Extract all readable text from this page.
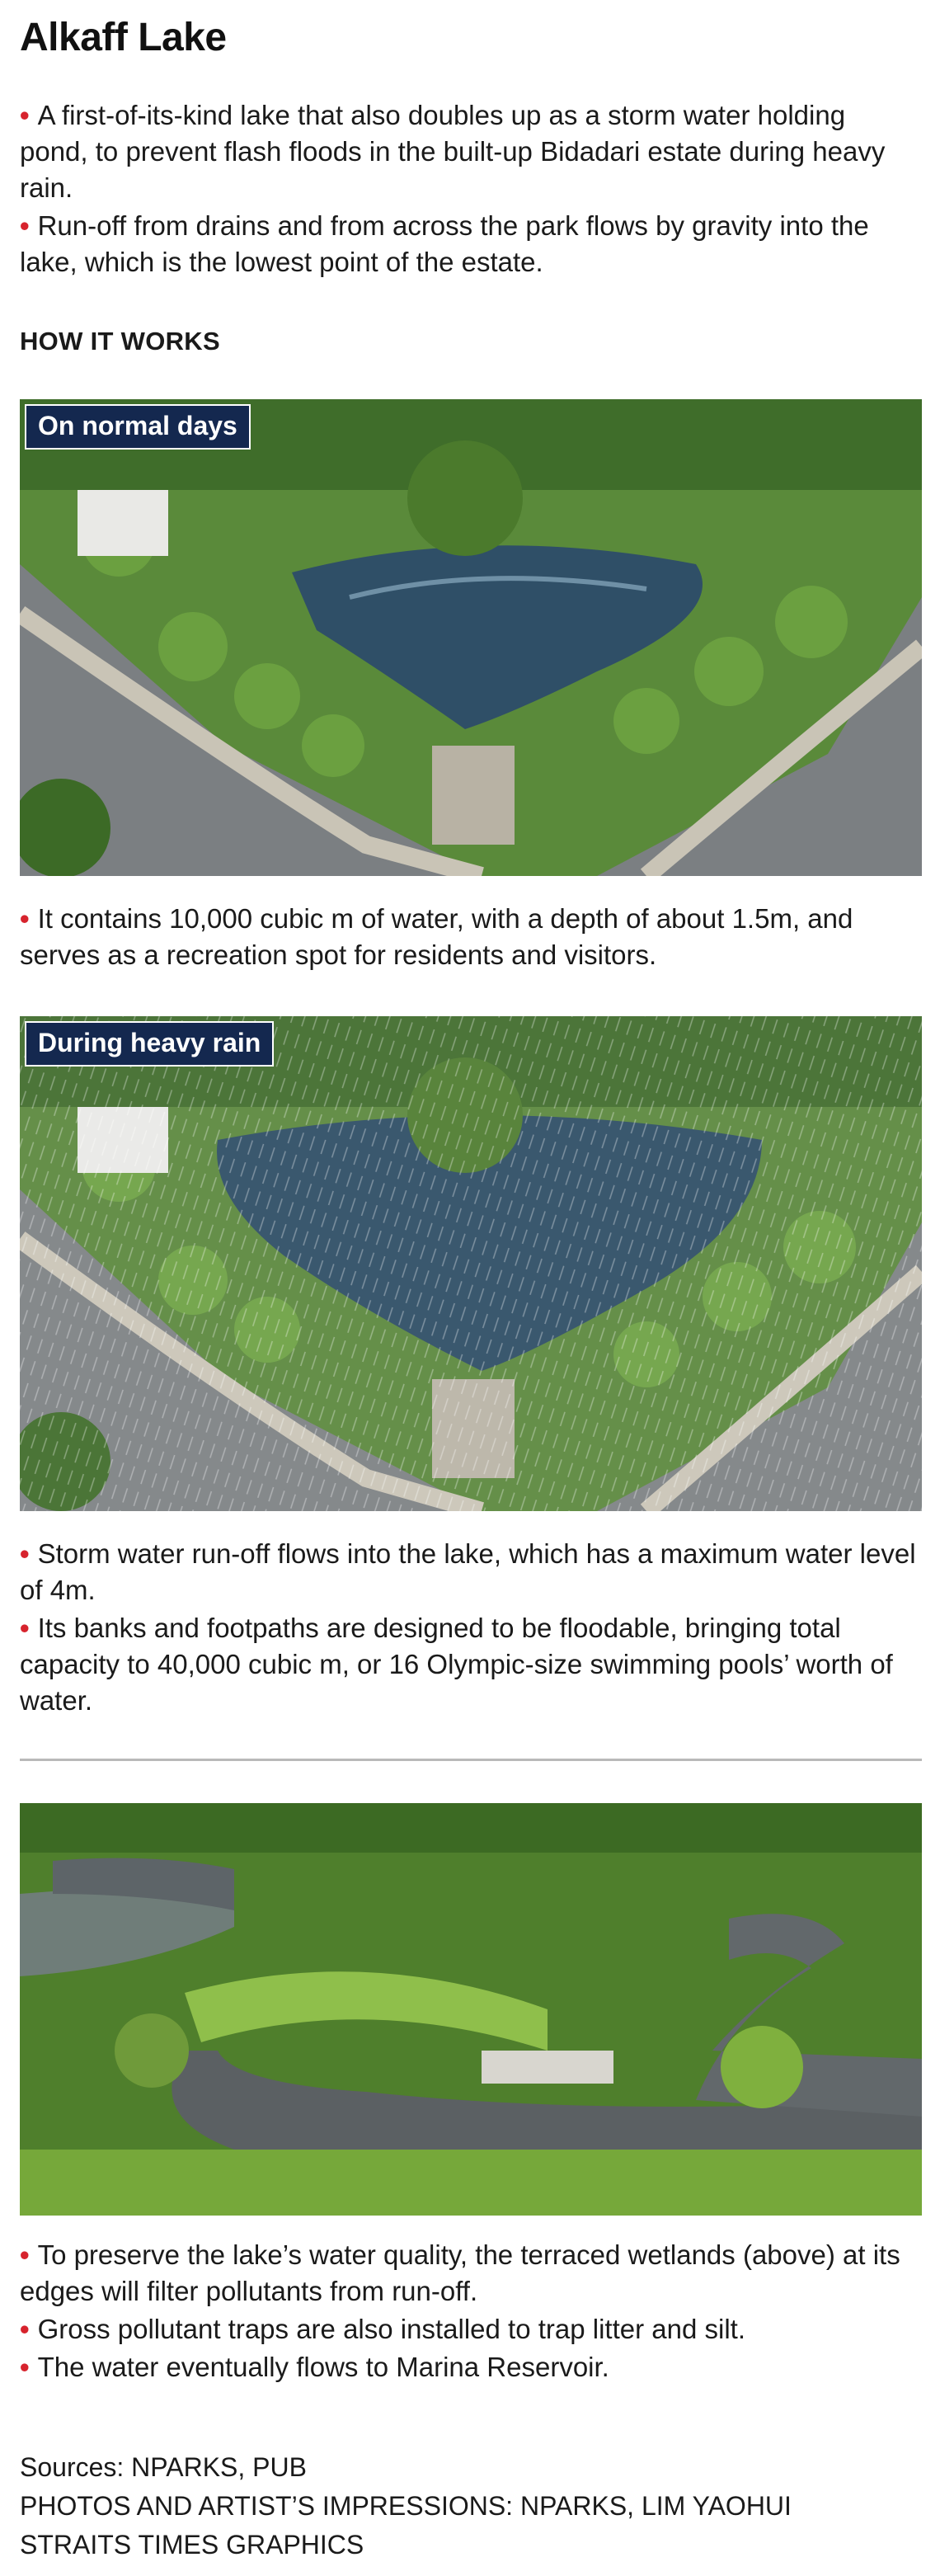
Alkaff Lake

• A first-of-its-kind lake that also doubles up as a storm water holding pond, to prevent flash floods in the built-up Bidadari estate during heavy rain.

• Run-off from drains and from across the park flows by gravity into the lake, which is the lowest point of the estate.

HOW IT WORKS
On normal days

• It contains 10,000 cubic m of water, with a depth of about 1.5m, and serves as a recreation spot for residents and visitors.

During heavy rain

• Storm water run-off flows into the lake, which has a maximum water level of 4m.

• Its banks and footpaths are designed to be floodable, bringing total capacity to 40,000 cubic m, or 16 Olympic-size swimming pools’ worth of water.

• To preserve the lake’s water quality, the terraced wetlands (above) at its edges will filter pollutants from run-off.

• Gross pollutant traps are also installed to trap litter and silt.

• The water eventually flows to Marina Reservoir.

Sources: NPARKS, PUB
PHOTOS AND ARTIST’S IMPRESSIONS: NPARKS, LIM YAOHUI
STRAITS TIMES GRAPHICS
